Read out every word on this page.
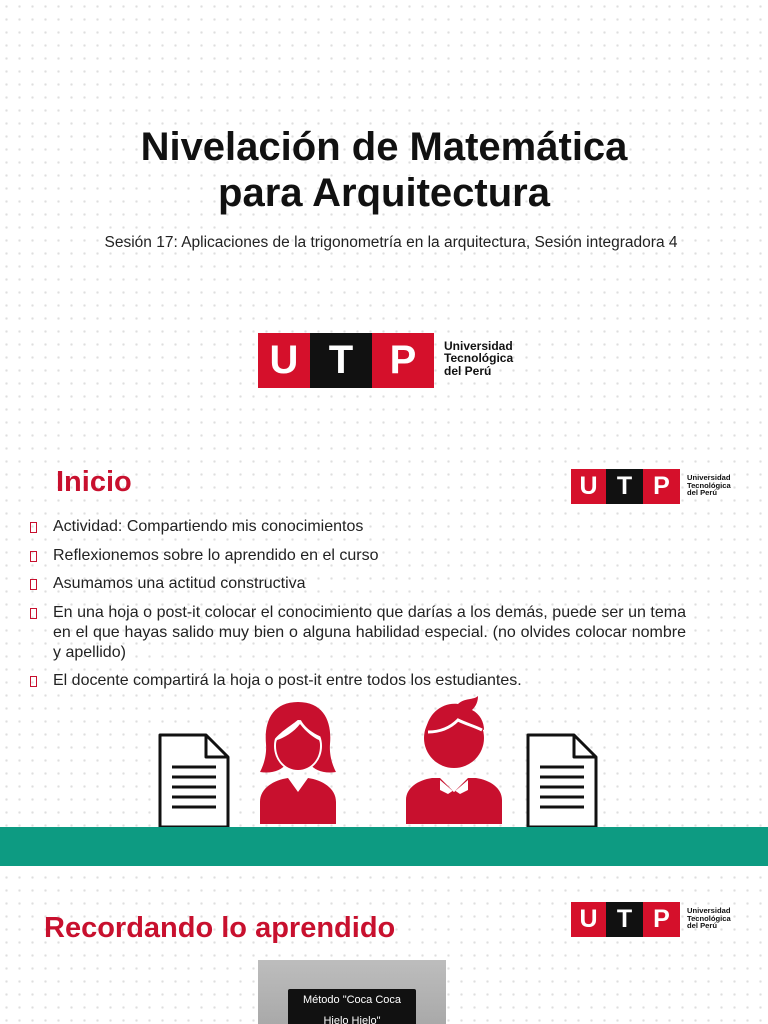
Nivelación de Matemática
para Arquitectura
Sesión 17: Aplicaciones de la trigonometría en la arquitectura, Sesión integradora 4
U T P	Universidad
Tecnológica
del Perú
Inicio	U T P	Universidad
Tecnológica
del Perú
Actividad: Compartiendo mis conocimientos
Reflexionemos sobre lo aprendido en el curso
Asumamos una actitud constructiva
En una hoja o post-it colocar el conocimiento que darías a los demás, puede ser un tema en el que hayas salido muy bien o alguna habilidad especial. (no olvides colocar nombre y apellido)
El docente compartirá la hoja o post-it entre todos los estudiantes.
Recordando lo aprendido	U T P	Universidad
Tecnológica
del Perú
Método "Coca Coca
Hielo Hielo"
